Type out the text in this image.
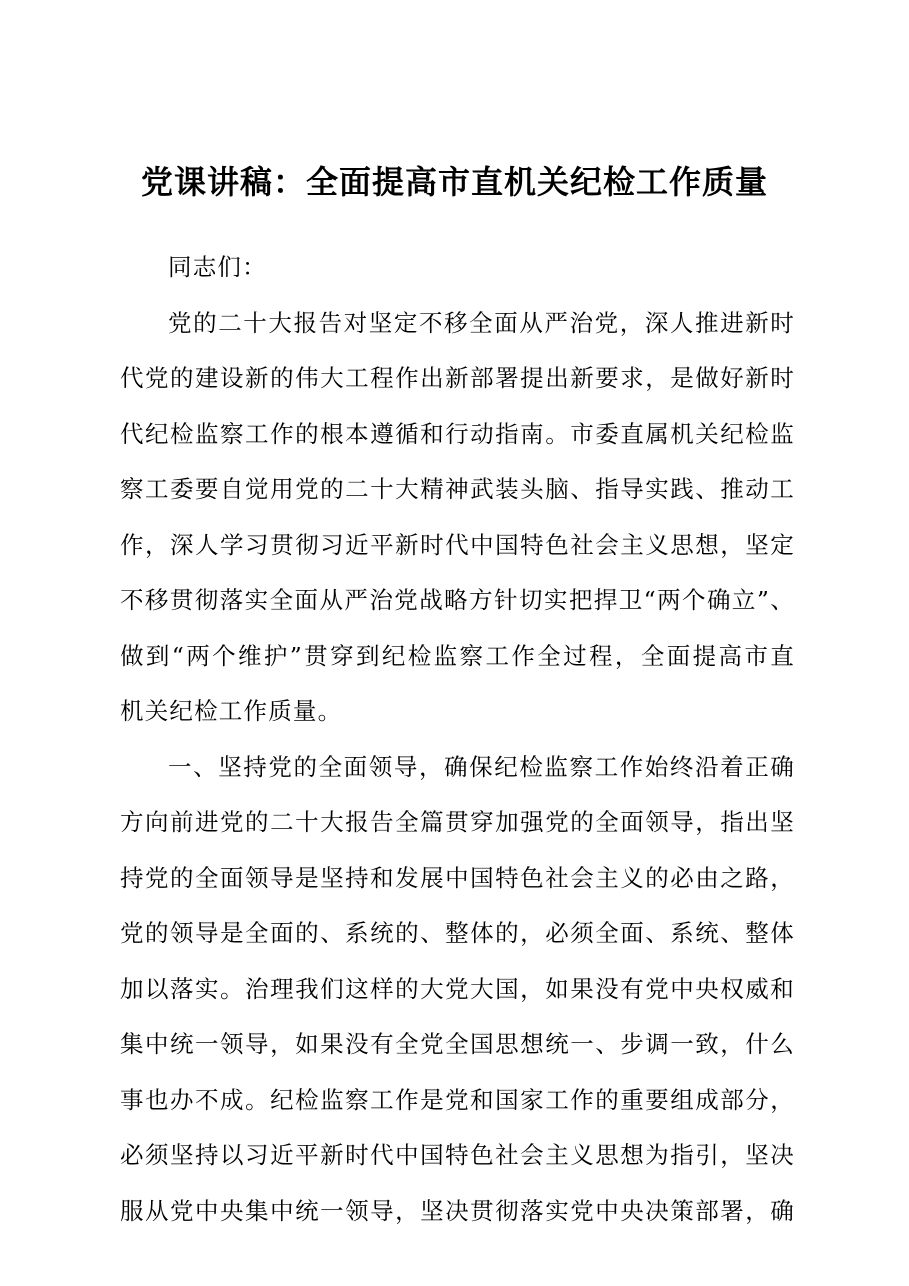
党课讲稿：全面提高市直机关纪检工作质量
同志们：
党的二十大报告对坚定不移全面从严治党，深人推进新时
代党的建设新的伟大工程作出新部署提出新要求，是做好新时
代纪检监察工作的根本遵循和行动指南。市委直属机关纪检监
察工委要自觉用党的二十大精神武装头脑、指导实践、推动工
作，深人学习贯彻习近平新时代中国特色社会主义思想，坚定
不移贯彻落实全面从严治党战略方针切实把捍卫“两个确立”、
做到“两个维护”贯穿到纪检监察工作全过程，全面提高市直
机关纪检工作质量。
一、坚持党的全面领导，确保纪检监察工作始终沿着正确
方向前进党的二十大报告全篇贯穿加强党的全面领导，指出坚
持党的全面领导是坚持和发展中国特色社会主义的必由之路，
党的领导是全面的、系统的、整体的，必须全面、系统、整体
加以落实。治理我们这样的大党大国，如果没有党中央权威和
集中统一领导，如果没有全党全国思想统一、步调一致，什么
事也办不成。纪检监察工作是党和国家工作的重要组成部分，
必须坚持以习近平新时代中国特色社会主义思想为指引，坚决
服从党中央集中统一领导，坚决贯彻落实党中央决策部署，确
